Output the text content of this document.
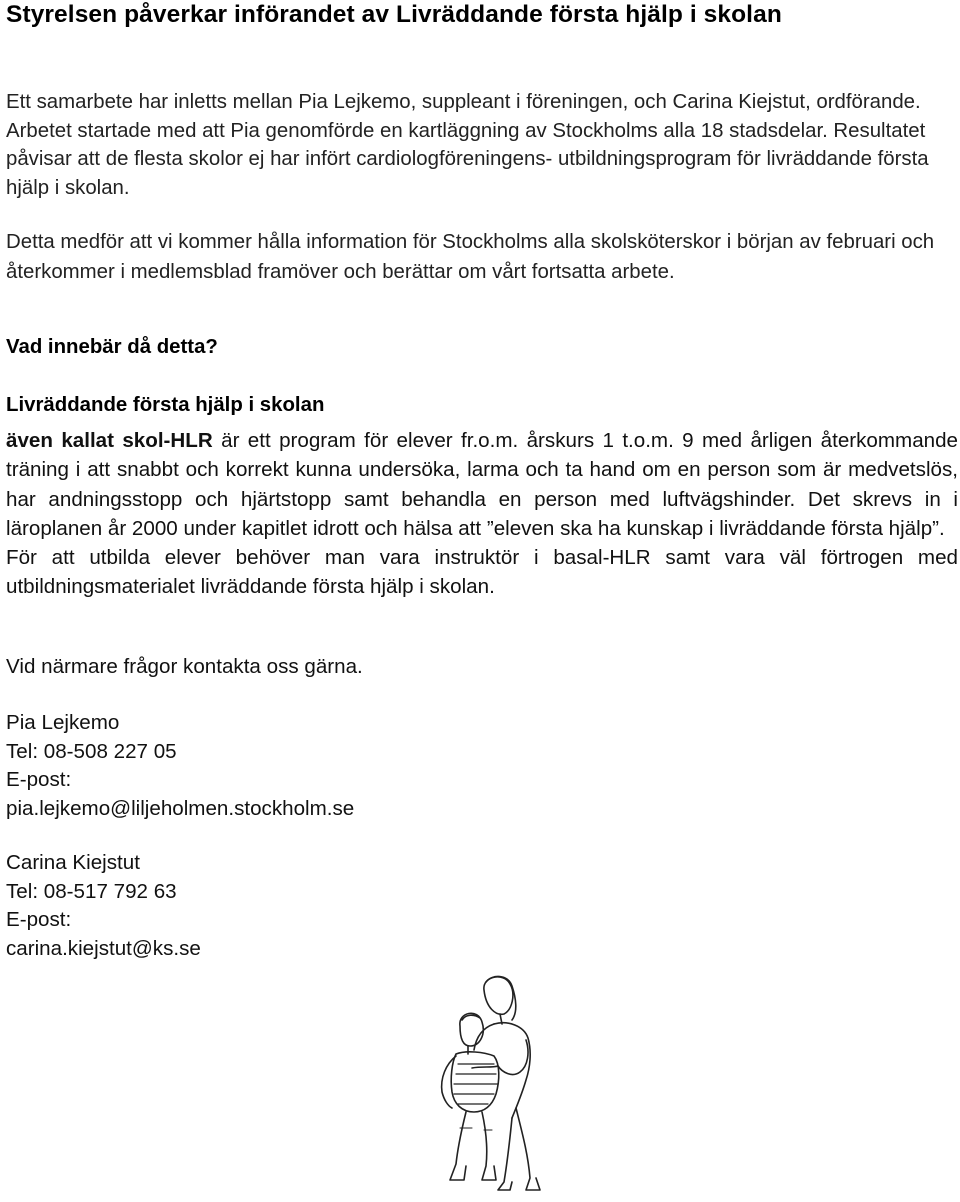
Styrelsen påverkar införandet av Livräddande första hjälp i skolan
Ett samarbete har inletts mellan Pia Lejkemo, suppleant i föreningen, och Carina Kiejstut, ordförande. Arbetet startade med att Pia genomförde en kartläggning av Stockholms alla 18 stadsdelar. Resultatet påvisar att de flesta skolor ej har infört cardiologföreningens- utbildningsprogram för livräddande första hjälp i skolan.
Detta medför att vi kommer hålla information för Stockholms alla skolsköterskor i början av februari och återkommer i medlemsblad framöver och berättar om vårt fortsatta arbete.
Vad innebär då detta?
Livräddande första hjälp i skolan
även kallat skol-HLR är ett program för elever fr.o.m. årskurs 1 t.o.m. 9 med årligen återkommande träning i att snabbt och korrekt kunna undersöka, larma och ta hand om en person som är medvetslös, har andningsstopp och hjärtstopp samt behandla en person med luftvägshinder. Det skrevs in i läroplanen år 2000 under kapitlet idrott och hälsa att ”eleven ska ha kunskap i livräddande första hjälp”.
För att utbilda elever behöver man vara instruktör i basal-HLR samt vara väl förtrogen med utbildningsmaterialet livräddande första hjälp i skolan.
Vid närmare frågor kontakta oss gärna.
Pia Lejkemo
Tel: 08-508 227 05
E-post:
pia.lejkemo@liljeholmen.stockholm.se
Carina Kiejstut
Tel: 08-517 792 63
E-post:
carina.kiejstut@ks.se
